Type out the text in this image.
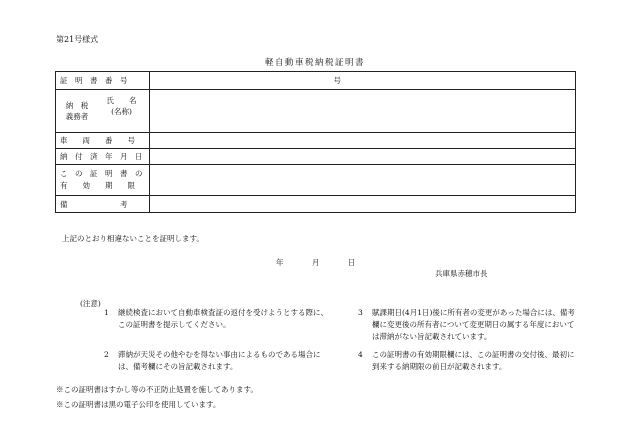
第21号様式
軽自動車税納税証明書
証　明　書　番　号	号

納　税
義務者
氏　　名
(名称)	

車　　両　　番　　号	
納　付　済　年　月　日	

こ　の　証　明　書　の
有　　効　　期　　限	

備　　　　　　　考	
上記のとおり相違ないことを証明します。
年 月 日
兵庫県赤穂市長
(注意)
1	継続検査において自動車検査証の返付を受けようとする際に、この証明書を提示してください。
2	滞納が天災その他やむを得ない事由によるものである場合には、備考欄にその旨記載されます。
3	賦課期日(4月1日)後に所有者の変更があった場合には、備考欄に変更後の所有者について変更期日の属する年度においては滞納がない旨記載されています。
4	この証明書の有効期限欄には、この証明書の交付後、最初に到来する納期限の前日が記載されます。
※この証明書はすかし等の不正防止処置を施してあります。
※この証明書は黒の電子公印を使用しています。
